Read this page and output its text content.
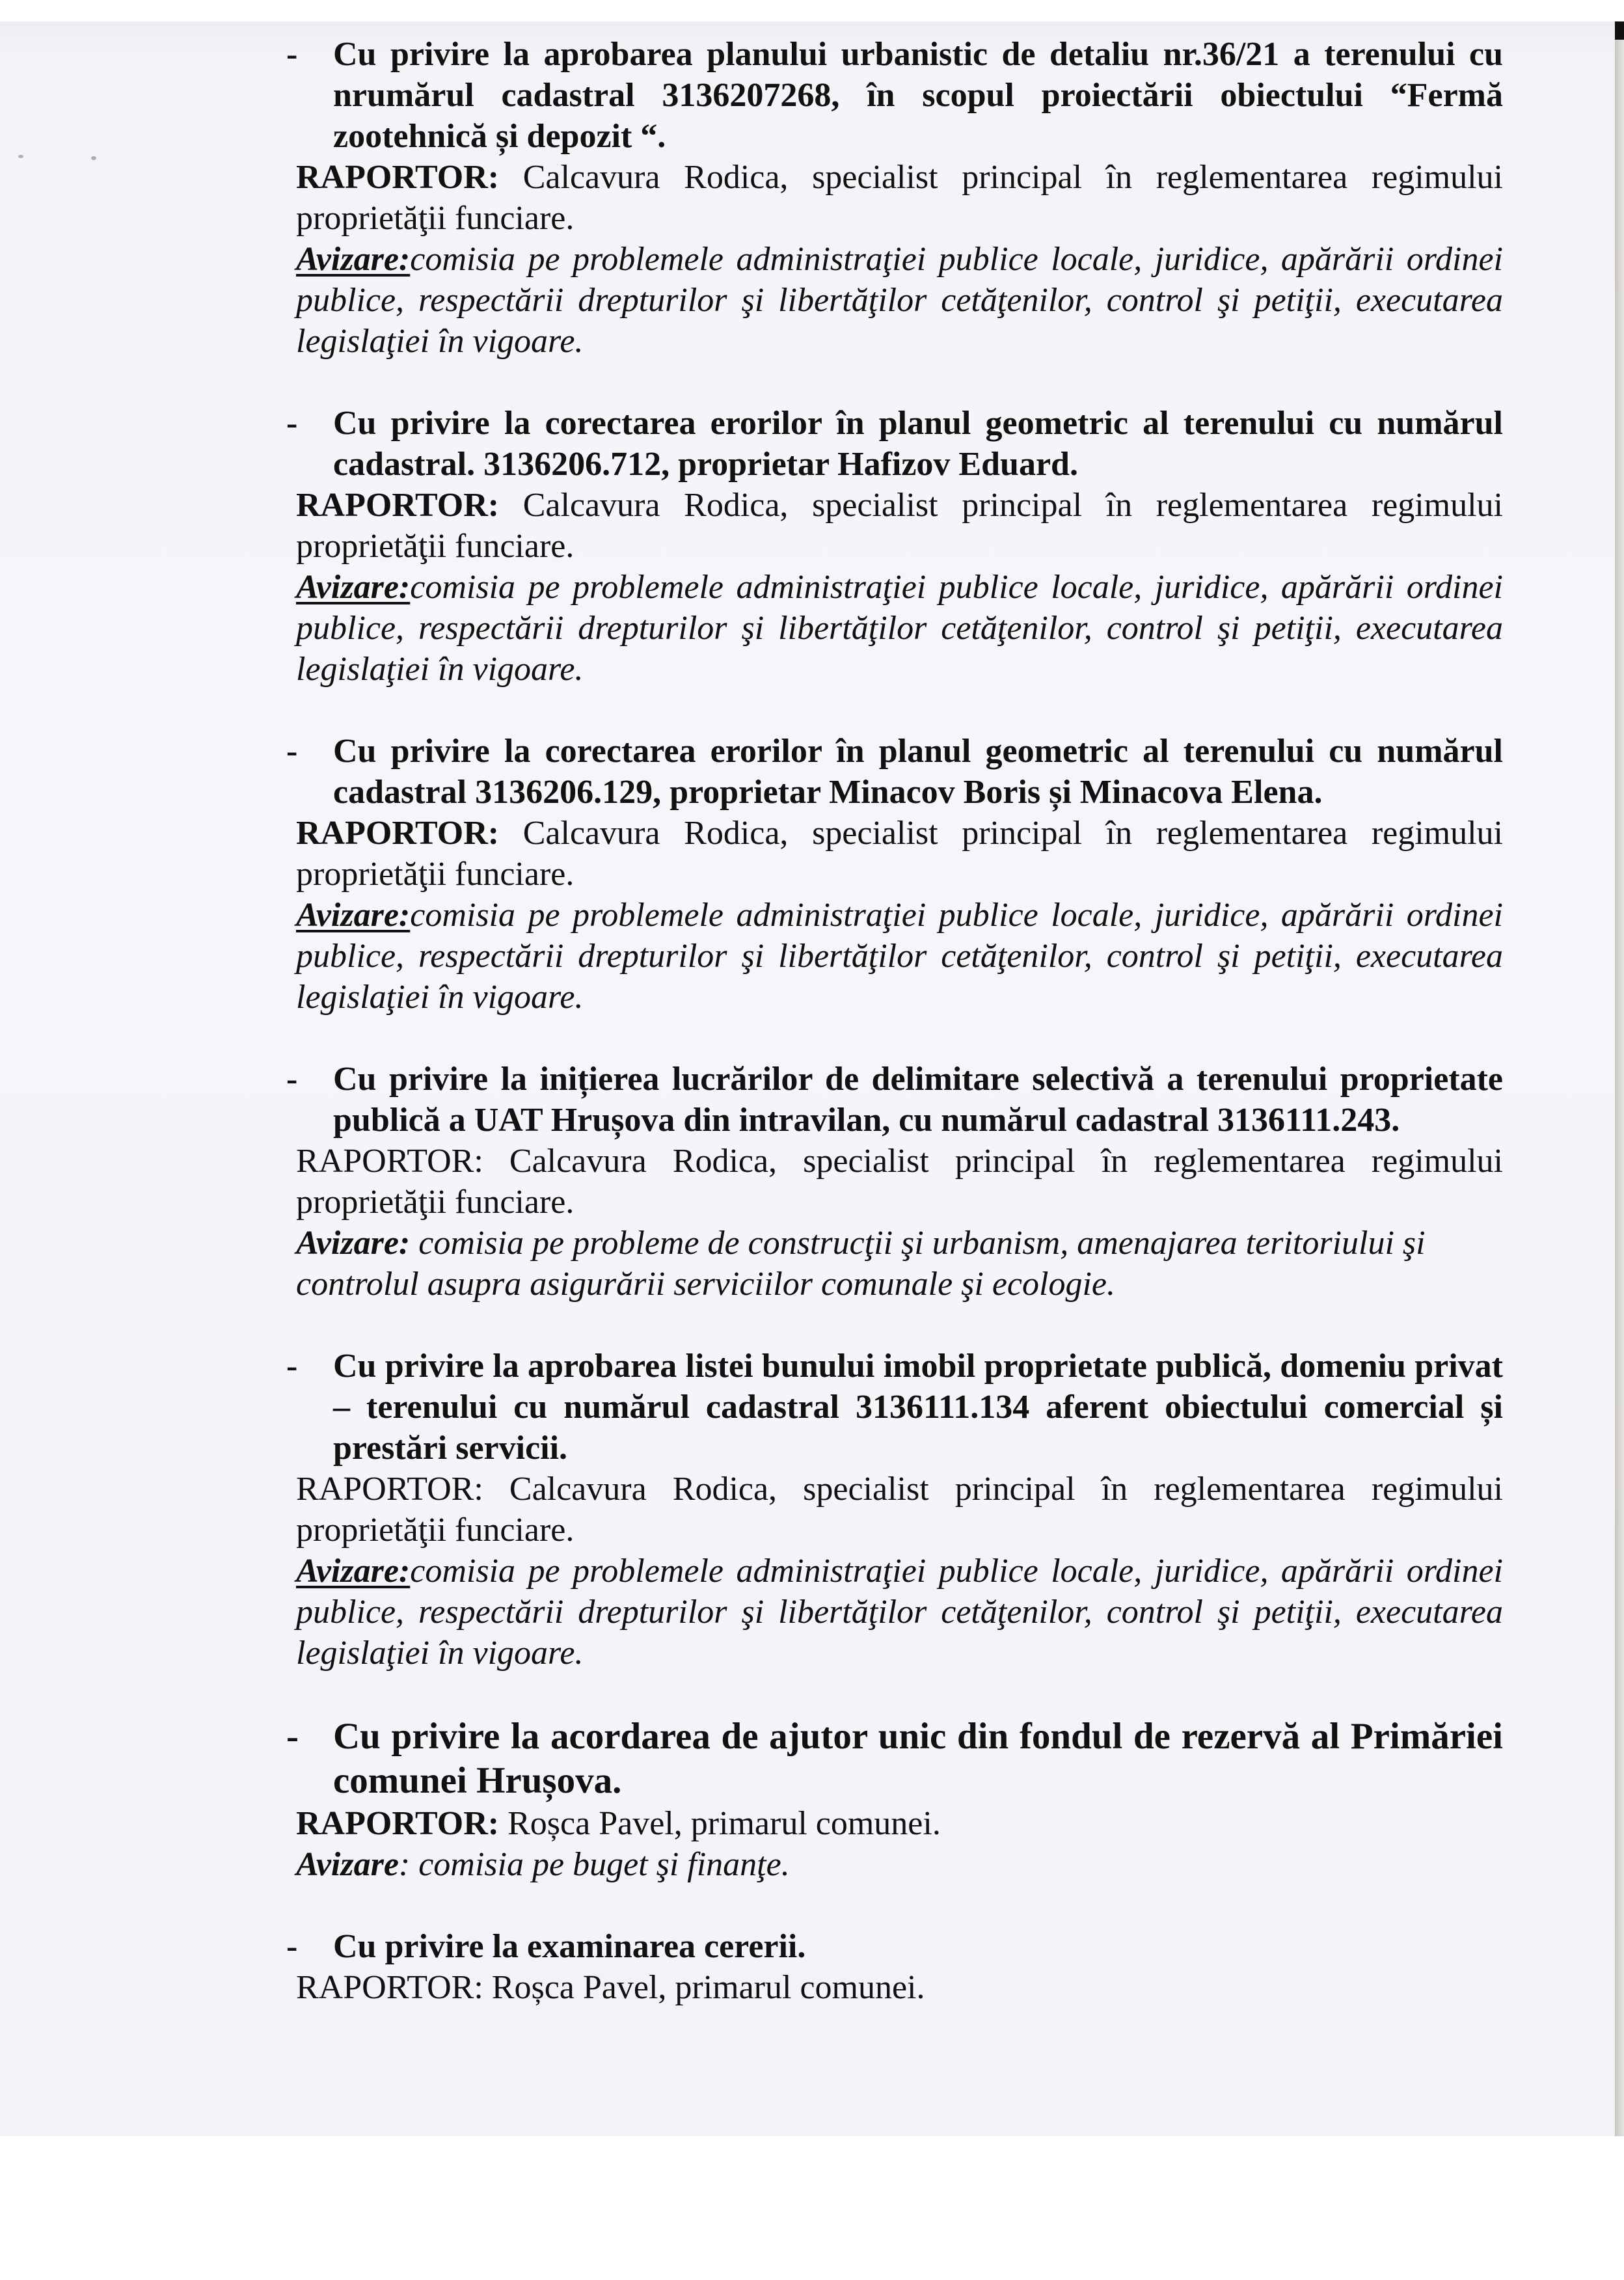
- Cu privire la aprobarea planului urbanistic de detaliu nr.36/21 a terenului cu nrumărul cadastral 3136207268, în scopul proiectării obiectului “Fermă zootehnică și depozit “.
RAPORTOR: Calcavura Rodica, specialist principal în reglementarea regimului proprietăţii funciare.
Avizare:comisia pe problemele administraţiei publice locale, juridice, apărării ordinei publice, respectării drepturilor şi libertăţilor cetăţenilor, control şi petiţii, executarea legislaţiei în vigoare.
- Cu privire la corectarea erorilor în planul geometric al terenului cu numărul cadastral. 3136206.712, proprietar Hafizov Eduard.
RAPORTOR: Calcavura Rodica, specialist principal în reglementarea regimului proprietăţii funciare.
Avizare:comisia pe problemele administraţiei publice locale, juridice, apărării ordinei publice, respectării drepturilor şi libertăţilor cetăţenilor, control şi petiţii, executarea legislaţiei în vigoare.
- Cu privire la corectarea erorilor în planul geometric al terenului cu numărul cadastral 3136206.129, proprietar Minacov Boris și Minacova Elena.
RAPORTOR: Calcavura Rodica, specialist principal în reglementarea regimului proprietăţii funciare.
Avizare:comisia pe problemele administraţiei publice locale, juridice, apărării ordinei publice, respectării drepturilor şi libertăţilor cetăţenilor, control şi petiţii, executarea legislaţiei în vigoare.
- Cu privire la inițierea lucrărilor de delimitare selectivă a terenului proprietate publică a UAT Hrușova din intravilan, cu numărul cadastral 3136111.243.
RAPORTOR: Calcavura Rodica, specialist principal în reglementarea regimului proprietăţii funciare.
Avizare: comisia pe probleme de construcţii şi urbanism, amenajarea teritoriului şi controlul asupra asigurării serviciilor comunale şi ecologie.
- Cu privire la aprobarea listei bunului imobil proprietate publică, domeniu privat – terenului cu numărul cadastral 3136111.134 aferent obiectului comercial și prestări servicii.
RAPORTOR: Calcavura Rodica, specialist principal în reglementarea regimului proprietăţii funciare.
Avizare:comisia pe problemele administraţiei publice locale, juridice, apărării ordinei publice, respectării drepturilor şi libertăţilor cetăţenilor, control şi petiţii, executarea legislaţiei în vigoare.
- Cu privire la acordarea de ajutor unic din fondul de rezervă al Primăriei comunei Hrușova.
RAPORTOR: Roșca Pavel, primarul comunei.
Avizare: comisia pe buget şi finanţe.
- Cu privire la examinarea cererii.
RAPORTOR: Roșca Pavel, primarul comunei.
